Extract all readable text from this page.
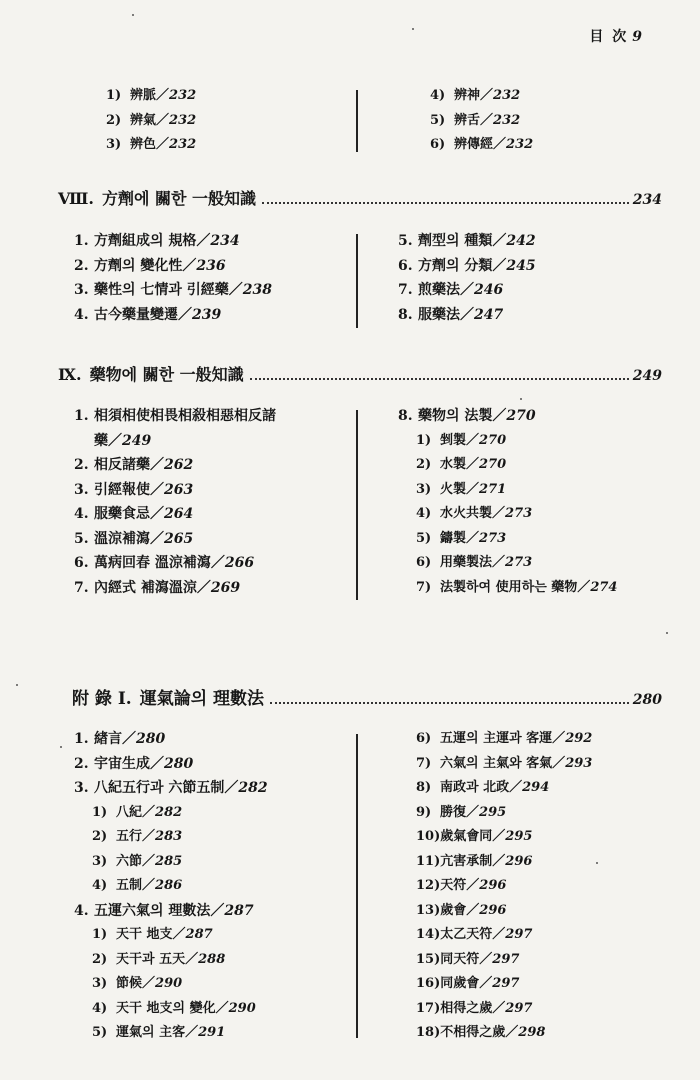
目 次 9
1) 辨脈／232
2) 辨氣／232
3) 辨色／232
4) 辨神／232
5) 辨舌／232
6) 辨傳經／232
Ⅷ. 方劑에 關한 一般知識	234
1. 方劑組成의 規格／234
2. 方劑의 變化性／236
3. 藥性의 七情과 引經藥／238
4. 古今藥量變遷／239
5. 劑型의 種類／242
6. 方劑의 分類／245
7. 煎藥法／246
8. 服藥法／247
Ⅸ. 藥物에 關한 一般知識	249
1. 相須相使相畏相殺相惡相反諸
藥／249
2. 相反諸藥／262
3. 引經報使／263
4. 服藥食忌／264
5. 溫涼補瀉／265
6. 萬病回春 溫涼補瀉／266
7. 內經式 補瀉溫涼／269
8. 藥物의 法製／270
1) 剉製／270
2) 水製／270
3) 火製／271
4) 水火共製／273
5) 鑄製／273
6) 用藥製法／273
7) 法製하여 使用하는 藥物／274
附 錄 Ⅰ. 運氣論의 理數法	280
1. 緖言／280
2. 宇宙生成／280
3. 八紀五行과 六節五制／282
1) 八紀／282
2) 五行／283
3) 六節／285
4) 五制／286
4. 五運六氣의 理數法／287
1) 天干 地支／287
2) 天干과 五天／288
3) 節候／290
4) 天干 地支의 變化／290
5) 運氣의 主客／291
6) 五運의 主運과 客運／292
7) 六氣의 主氣와 客氣／293
8) 南政과 北政／294
9) 勝復／295
10)歲氣會同／295
11)亢害承制／296
12)天符／296
13)歲會／296
14)太乙天符／297
15)同天符／297
16)同歲會／297
17)相得之歲／297
18)不相得之歲／298
